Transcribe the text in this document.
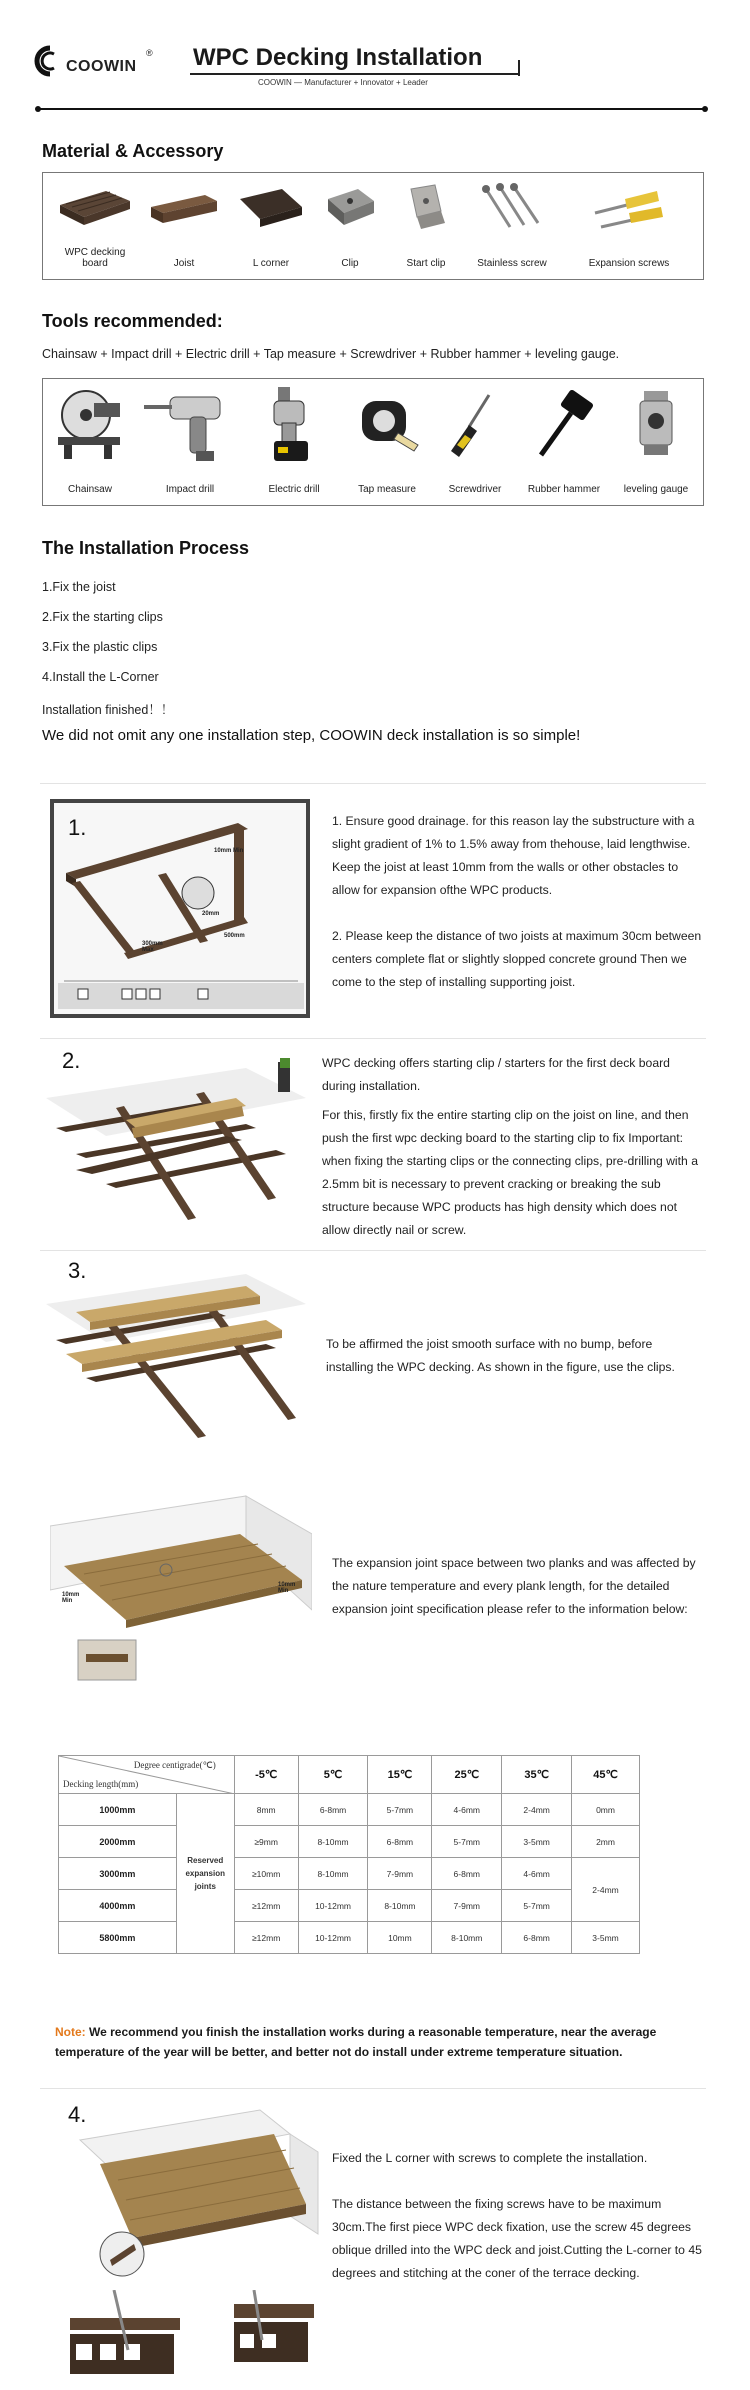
COOWIN
® WPC Decking Installation
COOWIN — Manufacturer + Innovator + Leader
Material & Accessory
WPC decking board	Joist	L corner	Clip	Start clip	Stainless screw	Expansion screws
Tools recommended:
Chainsaw + Impact drill + Electric drill + Tap measure + Screwdriver + Rubber hammer + leveling gauge.
Chainsaw	Impact drill	Electric drill	Tap measure	Screwdriver	Rubber hammer	leveling gauge
The Installation Process
1.Fix the joist
2.Fix the starting clips
3.Fix the plastic clips
4.Install the L-Corner
Installation finished！！
We did not omit any one installation step, COOWIN deck installation is so simple!
1.
10mm Min
20mm
300mm Max
500mm
1. Ensure good drainage. for this reason lay the substructure with a slight gradient of 1% to 1.5% away from thehouse, laid lengthwise. Keep the joist at least 10mm from the walls or other obstacles to allow for expansion ofthe WPC products.
2. Please keep the distance of two joists at maximum 30cm between centers complete flat or slightly slopped concrete ground Then we come to the step of installing supporting joist.
2.	WPC decking offers starting clip / starters for the first deck board during installation.
For this, firstly fix the entire starting clip on the joist on line, and then push the first wpc decking board to the starting clip to fix Important: when fixing the starting clips or the connecting clips, pre-drilling with a 2.5mm bit is necessary to prevent cracking or breaking the sub structure because WPC products has high density which does not allow directly nail or screw.
3.
To be affirmed the joist smooth surface with no bump, before installing the WPC decking. As shown in the figure, use the clips.
10mm Min
10mm Min
The expansion joint space between two planks and was affected by the nature temperature and every plank length, for the detailed expansion joint specification please refer to the information below:
Degree centigrade(℃)
Decking length(mm)		-5℃	5℃	15℃	25℃	35℃	45℃
1000mm	Reserved expansion joints	8mm	6-8mm	5-7mm	4-6mm	2-4mm	0mm
2000mm		≥9mm	8-10mm	6-8mm	5-7mm	3-5mm	2mm
3000mm		≥10mm	8-10mm	7-9mm	6-8mm	4-6mm	2-4mm
4000mm		≥12mm	10-12mm	8-10mm	7-9mm	5-7mm	
5800mm		≥12mm	10-12mm	10mm	8-10mm	6-8mm	3-5mm
Note: We recommend you finish the installation works during a reasonable temperature, near the average temperature of the year will be better, and better not do install under extreme temperature situation.
4.
Fixed the L corner with screws to complete the installation.
The distance between the fixing screws have to be maximum 30cm.The first piece WPC deck fixation, use the screw 45 degrees oblique drilled into the WPC deck and joist.Cutting the L-corner to 45 degrees and stitching at the coner of the terrace decking.
